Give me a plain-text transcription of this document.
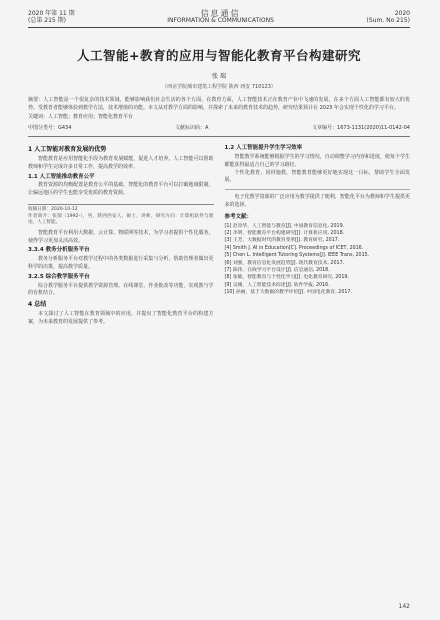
2020 年第 11 期
(总第 215 期)
信息通信
INFORMATION & COMMUNICATIONS
2020
(Sum. No 215)
人工智能+教育的应用与智能化教育平台构建研究
张 瑞
（西京学院城市建筑工程学院 陕西 西安 710123）
摘要：人工智能是一个很复杂的技术领域，能够影响我们社会生活的各个方面。在教育方面，人工智能技术正在教育产业中飞速的发展，在多个方面人工智能都有较大的优势。受教育者能够体验到教学方法，技术增值的功能。本文从对教学方面的影响，并探索了未来的教育技术的趋势，研究结果预计在 2023 年会实现个性化的学习平台。
关键词：人工智能；教育应用；智能化教育平台
中图分类号：G434	文献标识码：A	文章编号：1673-1131(2020)11-0142-04
1 人工智能对教育发展的优势
智能教育是应用智能化手段为教育发展赋能，促进人才培养。人工智能可以帮助教师和学生完成许多日常工作，提高教学的效率。
1.1 人工智能推动教育公平
教育资源的均衡配置是教育公平的基础。智能化的教育平台可以打破地域限制，让偏远地区的学生也能享受优质的教育资源。
收稿日期：2020-10-12
作者简介：张瑞（1992-），男，陕西西安人，硕士，讲师，研究方向：计算机软件与理论，人工智能。
智能教育平台利用大数据、云计算、物联网等技术，为学习者提供个性化服务，使得学习更加灵活高效。
3.3.4 教务分析服务平台
教务分析服务平台对教学过程中的各类数据进行采集与分析，帮助管理者做出更科学的决策，提高教学质量。
3.2.5 综合教学服务平台
综合教学服务平台提供教学资源管理、在线课堂、作业批改等功能，实现教与学的有机结合。
4 总结
本文探讨了人工智能在教育领域中的应用，并提出了智能化教育平台的构建方案，为未来教育的发展提供了参考。
1.2 人工智能提升学生学习效率
智能教学系统能够根据学生的学习情况，自动调整学习内容和进度，使每个学生都能获得最适合自己的学习路径。
个性化教育，因材施教，智能教育能够更好地实现这一目标，帮助学生全面发展。
电子化教学资源的广泛应用为教学提供了便利，智能化平台为教师和学生提供更多的选择。
参考文献：
[1] 赵章华，人工智能与教育[J]. 中国教育信息化, 2019.
[2] 李明，智能教育平台构建研究[J]. 计算机应用, 2018.
[3] 王芳，大数据时代的教育变革[J]. 教育研究, 2017.
[4] Smith J. AI in Education[C]. Proceedings of ICET, 2016.
[5] Chen L. Intelligent Tutoring Systems[J]. IEEE Trans, 2015.
[6] 刘强，教育信息化发展趋势[J]. 现代教育技术, 2017.
[7] 陈伟，在线学习平台设计[J]. 信息通信, 2018.
[8] 张敏，智能教育与个性化学习[J]. 电化教育研究, 2019.
[9] 吴刚，人工智能技术综述[J]. 软件学报, 2016.
[10] 孙丽，基于大数据的教学评价[J]. 中国电化教育, 2017.
142
